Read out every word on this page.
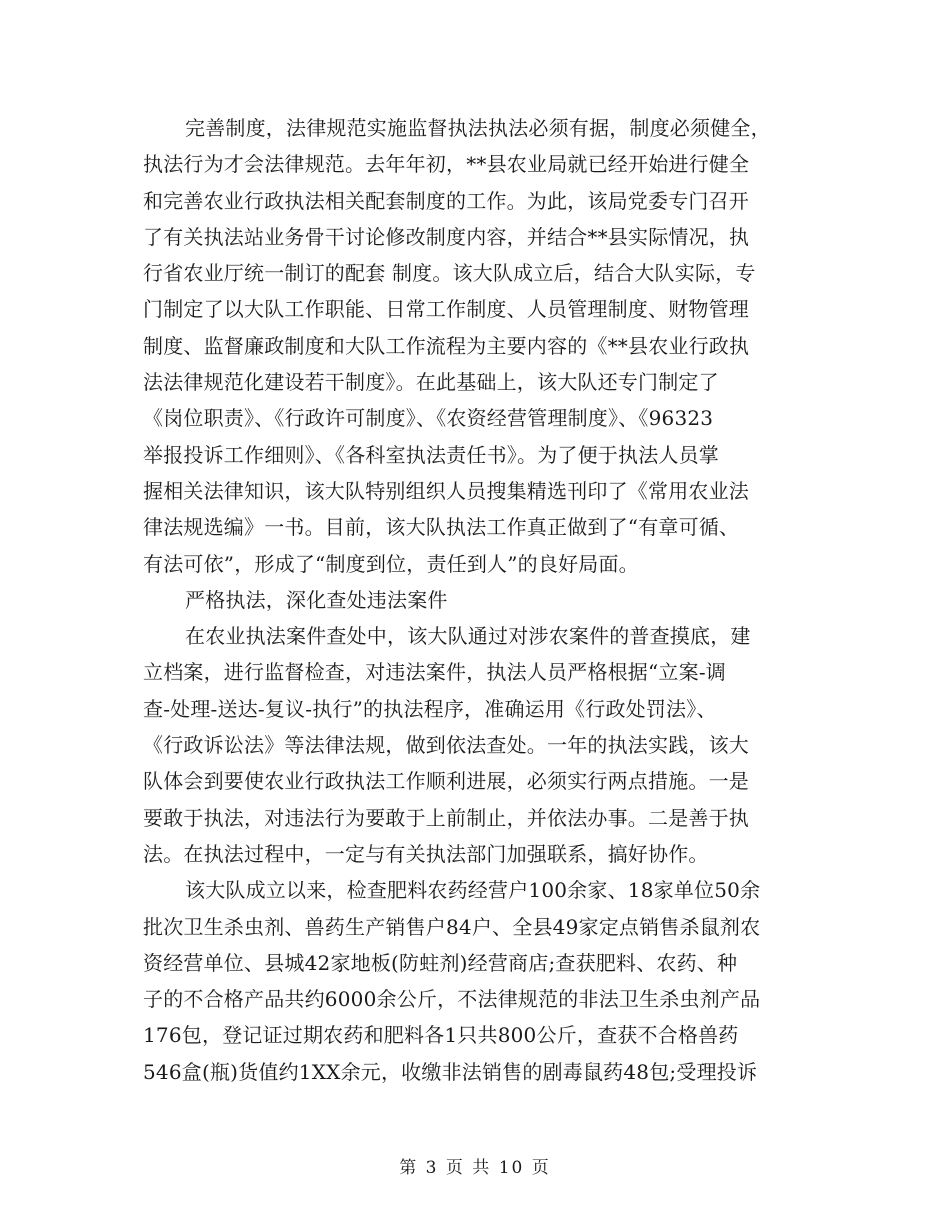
完善制度，法律规范实施监督执法执法必须有据，制度必须健全，
执法行为才会法律规范。去年年初，**县农业局就已经开始进行健全
和完善农业行政执法相关配套制度的工作。为此，该局党委专门召开
了有关执法站业务骨干讨论修改制度内容，并结合**县实际情况，执
行省农业厅统一制订的配套 制度。该大队成立后，结合大队实际，专
门制定了以大队工作职能、日常工作制度、人员管理制度、财物管理
制度、监督廉政制度和大队工作流程为主要内容的《**县农业行政执
法法律规范化建设若干制度》。在此基础上，该大队还专门制定了
《岗位职责》、《行政许可制度》、《农资经营管理制度》、《96323
举报投诉工作细则》、《各科室执法责任书》。为了便于执法人员掌
握相关法律知识，该大队特别组织人员搜集精选刊印了《常用农业法
律法规选编》一书。目前，该大队执法工作真正做到了“有章可循、
有法可依”，形成了“制度到位，责任到人”的良好局面。
严格执法，深化查处违法案件
在农业执法案件查处中，该大队通过对涉农案件的普查摸底，建
立档案，进行监督检查，对违法案件，执法人员严格根据“立案-调
查-处理-送达-复议-执行”的执法程序，准确运用《行政处罚法》、
《行政诉讼法》等法律法规，做到依法查处。一年的执法实践，该大
队体会到要使农业行政执法工作顺利进展，必须实行两点措施。一是
要敢于执法，对违法行为要敢于上前制止，并依法办事。二是善于执
法。在执法过程中，一定与有关执法部门加强联系，搞好协作。
该大队成立以来，检查肥料农药经营户100余家、18家单位50余
批次卫生杀虫剂、兽药生产销售户84户、全县49家定点销售杀鼠剂农
资经营单位、县城42家地板(防蛀剂)经营商店;查获肥料、农药、种
子的不合格产品共约6000余公斤，不法律规范的非法卫生杀虫剂产品
176包，登记证过期农药和肥料各1只共800公斤，查获不合格兽药
546盒(瓶)货值约1XX余元，收缴非法销售的剧毒鼠药48包;受理投诉
第 3 页 共 10 页
